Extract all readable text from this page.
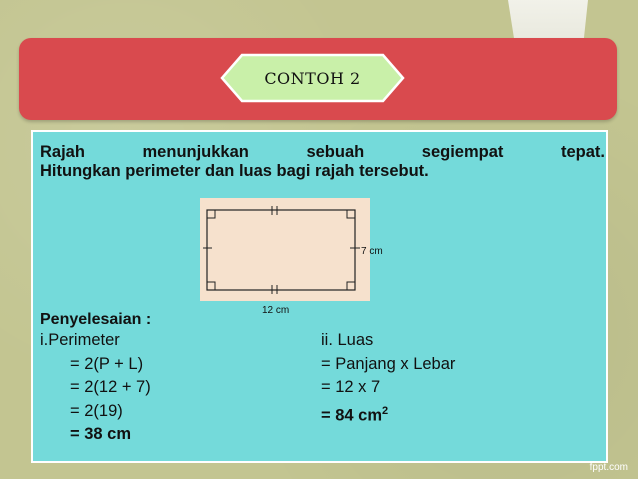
CONTOH 2
Rajah menunjukkan sebuah segiempat tepat.
Hitungkan perimeter dan luas bagi rajah tersebut.
7 cm
12 cm
Penyelesaian :
i.Perimeter
= 2(P + L)
= 2(12 + 7)
= 2(19)
= 38 cm
ii. Luas
= Panjang x Lebar
= 12 x 7
= 84 $cm^2$
fppt.com
